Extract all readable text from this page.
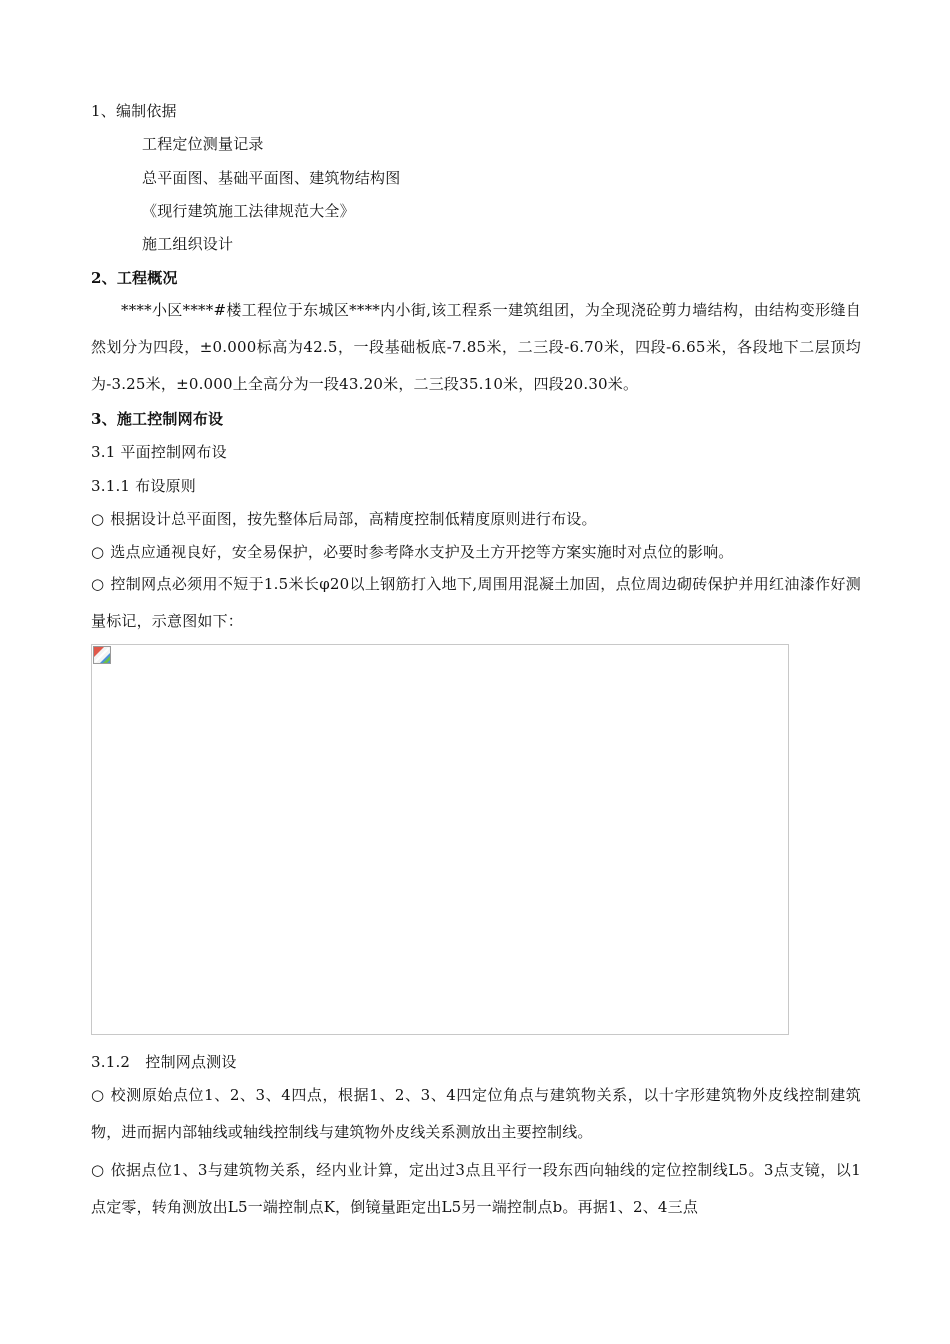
1、编制依据
工程定位测量记录
总平面图、基础平面图、建筑物结构图
《现行建筑施工法律规范大全》
施工组织设计
2、工程概况
****小区****#楼工程位于东城区****内小街,该工程系一建筑组团，为全现浇砼剪力墙结构，由结构变形缝自然划分为四段，±0.000标高为42.5，一段基础板底-7.85米，二三段-6.70米，四段-6.65米，各段地下二层顶均为-3.25米，±0.000上全高分为一段43.20米，二三段35.10米，四段20.30米。
3、施工控制网布设
3.1 平面控制网布设
3.1.1 布设原则
○ 根据设计总平面图，按先整体后局部，高精度控制低精度原则进行布设。
○ 选点应通视良好，安全易保护，必要时参考降水支护及土方开挖等方案实施时对点位的影响。
○ 控制网点必须用不短于1.5米长φ20以上钢筋打入地下,周围用混凝土加固，点位周边砌砖保护并用红油漆作好测量标记，示意图如下：
3.1.2　控制网点测设
○ 校测原始点位1、2、3、4四点，根据1、2、3、4四定位角点与建筑物关系，以十字形建筑物外皮线控制建筑物，进而据内部轴线或轴线控制线与建筑物外皮线关系测放出主要控制线。
○ 依据点位1、3与建筑物关系，经内业计算，定出过3点且平行一段东西向轴线的定位控制线L5。3点支镜，以1点定零，转角测放出L5一端控制点K，倒镜量距定出L5另一端控制点b。再据1、2、4三点
